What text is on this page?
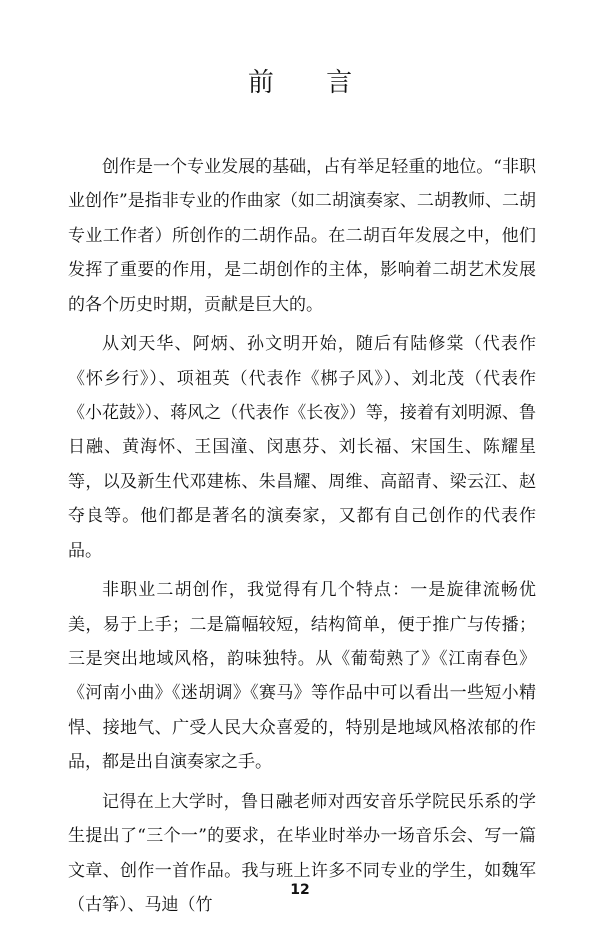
前 言

创作是一个专业发展的基础，占有举足轻重的地位。“非职业创作”是指非专业的作曲家（如二胡演奏家、二胡教师、二胡专业工作者）所创作的二胡作品。在二胡百年发展之中，他们发挥了重要的作用，是二胡创作的主体，影响着二胡艺术发展的各个历史时期，贡献是巨大的。

从刘天华、阿炳、孙文明开始，随后有陆修棠（代表作《怀乡行》）、项祖英（代表作《梆子风》）、刘北茂（代表作《小花鼓》）、蒋风之（代表作《长夜》）等，接着有刘明源、鲁日融、黄海怀、王国潼、闵惠芬、刘长福、宋国生、陈耀星等，以及新生代邓建栋、朱昌耀、周维、高韶青、梁云江、赵夺良等。他们都是著名的演奏家，又都有自己创作的代表作品。

非职业二胡创作，我觉得有几个特点：一是旋律流畅优美，易于上手；二是篇幅较短，结构简单，便于推广与传播；三是突出地域风格，韵味独特。从《葡萄熟了》《江南春色》《河南小曲》《迷胡调》《赛马》等作品中可以看出一些短小精悍、接地气、广受人民大众喜爱的，特别是地域风格浓郁的作品，都是出自演奏家之手。

记得在上大学时，鲁日融老师对西安音乐学院民乐系的学生提出了“三个一”的要求，在毕业时举办一场音乐会、写一篇文章、创作一首作品。我与班上许多不同专业的学生，如魏军（古筝）、马迪（竹

12
